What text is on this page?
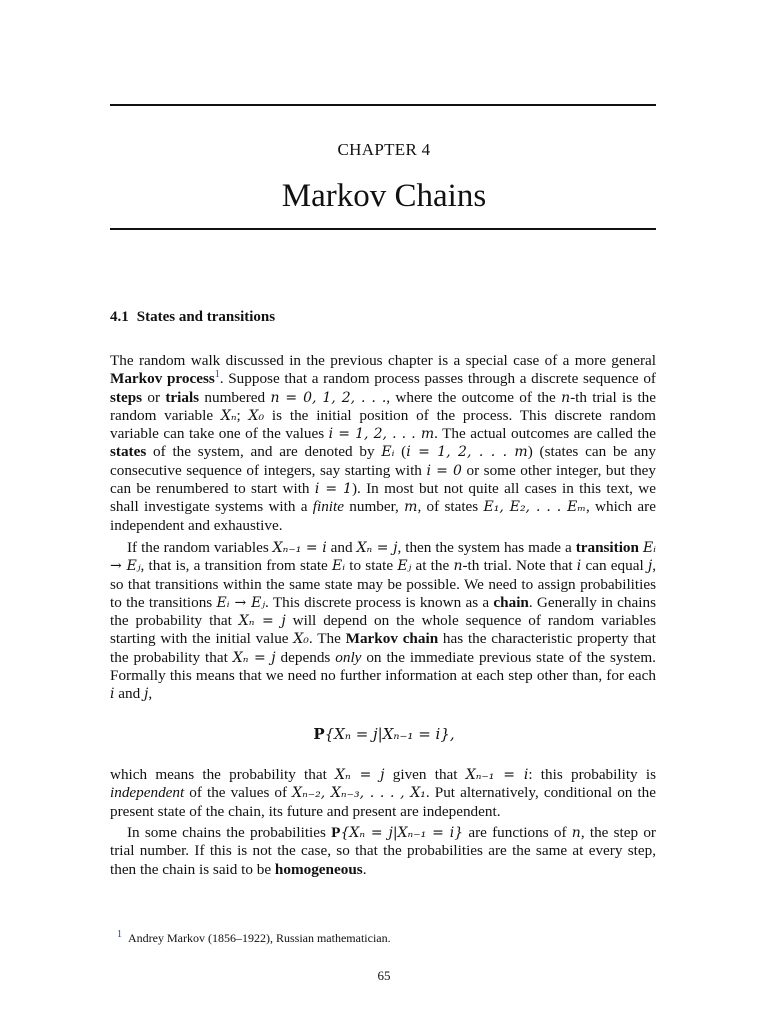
CHAPTER 4
Markov Chains
4.1 States and transitions

The random walk discussed in the previous chapter is a special case of a more general Markov process$^1$. Suppose that a random process passes through a discrete sequence of steps or trials numbered n = 0, 1, 2, . . ., where the outcome of the n-th trial is the random variable Xₙ; X₀ is the initial position of the process. This discrete random variable can take one of the values i = 1, 2, . . . m. The actual outcomes are called the states of the system, and are denoted by Eᵢ (i = 1, 2, . . . m) (states can be any consecutive sequence of integers, say starting with i = 0 or some other integer, but they can be renumbered to start with i = 1). In most but not quite all cases in this text, we shall investigate systems with a finite number, m, of states E₁, E₂, . . . Eₘ, which are independent and exhaustive.

If the random variables Xₙ₋₁ = i and Xₙ = j, then the system has made a transition Eᵢ → Eⱼ, that is, a transition from state Eᵢ to state Eⱼ at the n-th trial. Note that i can equal j, so that transitions within the same state may be possible. We need to assign probabilities to the transitions Eᵢ → Eⱼ. This discrete process is known as a chain. Generally in chains the probability that Xₙ = j will depend on the whole sequence of random variables starting with the initial value X₀. The Markov chain has the characteristic property that the probability that Xₙ = j depends only on the immediate previous state of the system. Formally this means that we need no further information at each step other than, for each i and j,

P{Xₙ = j|Xₙ₋₁ = i},

which means the probability that Xₙ = j given that Xₙ₋₁ = i: this probability is independent of the values of Xₙ₋₂, Xₙ₋₃, . . . , X₁. Put alternatively, conditional on the present state of the chain, its future and present are independent.

In some chains the probabilities P{Xₙ = j|Xₙ₋₁ = i} are functions of n, the step or trial number. If this is not the case, so that the probabilities are the same at every step, then the chain is said to be homogeneous.

$^1$ Andrey Markov (1856–1922), Russian mathematician.
65
